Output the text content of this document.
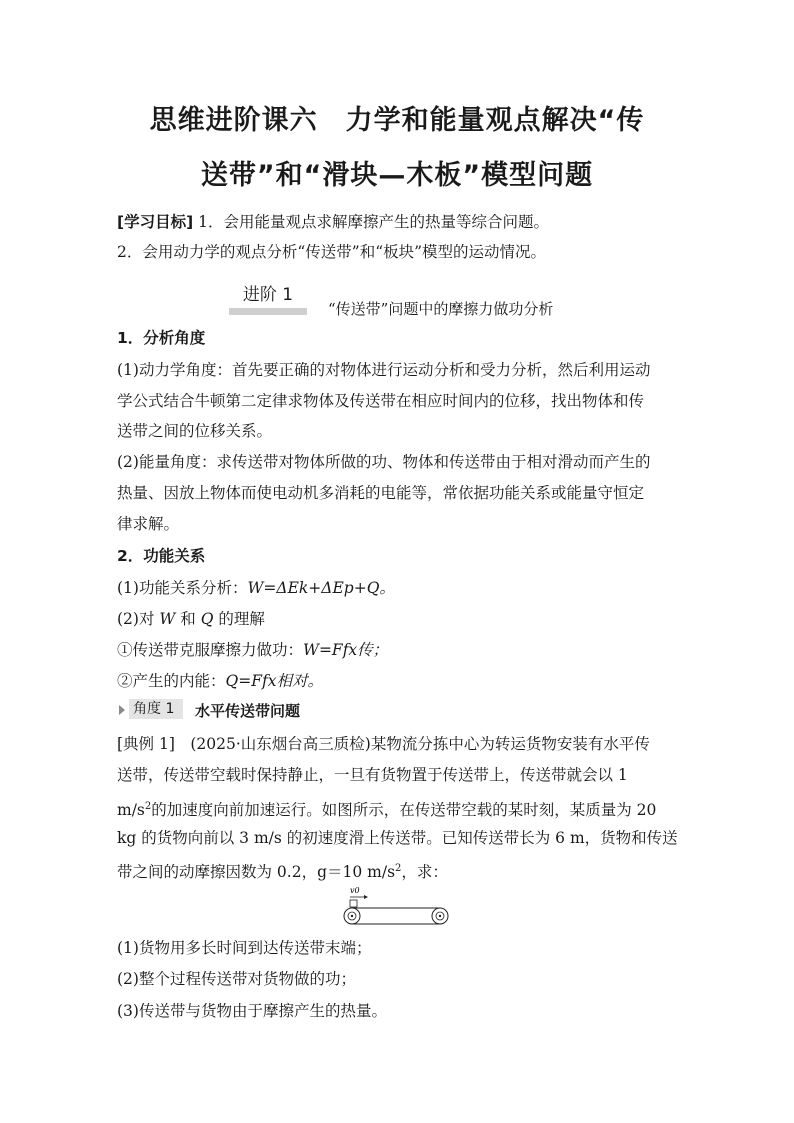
思维进阶课六　力学和能量观点解决“传
送带”和“滑块—木板”模型问题
[学习目标] 1．会用能量观点求解摩擦产生的热量等综合问题。
2．会用动力学的观点分析“传送带”和“板块”模型的运动情况。
进阶 1
“传送带”问题中的摩擦力做功分析
1．分析角度
(1)动力学角度：首先要正确的对物体进行运动分析和受力分析，然后利用运动
学公式结合牛顿第二定律求物体及传送带在相应时间内的位移，找出物体和传
送带之间的位移关系。
(2)能量角度：求传送带对物体所做的功、物体和传送带由于相对滑动而产生的
热量、因放上物体而使电动机多消耗的电能等，常依据功能关系或能量守恒定
律求解。
2．功能关系
(1)功能关系分析：W=ΔEk+ΔEp+Q。
(2)对 W 和 Q 的理解
①传送带克服摩擦力做功：W=Ffx传；
②产生的内能：Q=Ffx相对。
角度 1	水平传送带问题
[典例 1]　(2025·山东烟台高三质检)某物流分拣中心为转运货物安装有水平传
送带，传送带空载时保持静止，一旦有货物置于传送带上，传送带就会以 1
$m/s^2$的加速度向前加速运行。如图所示，在传送带空载的某时刻，某质量为 20
kg 的货物向前以 3 m/s 的初速度滑上传送带。已知传送带长为 6 m，货物和传送
带之间的动摩擦因数为 0.2，g＝10 $m/s^2$，求：
v0
(1)货物用多长时间到达传送带末端；
(2)整个过程传送带对货物做的功；
(3)传送带与货物由于摩擦产生的热量。
